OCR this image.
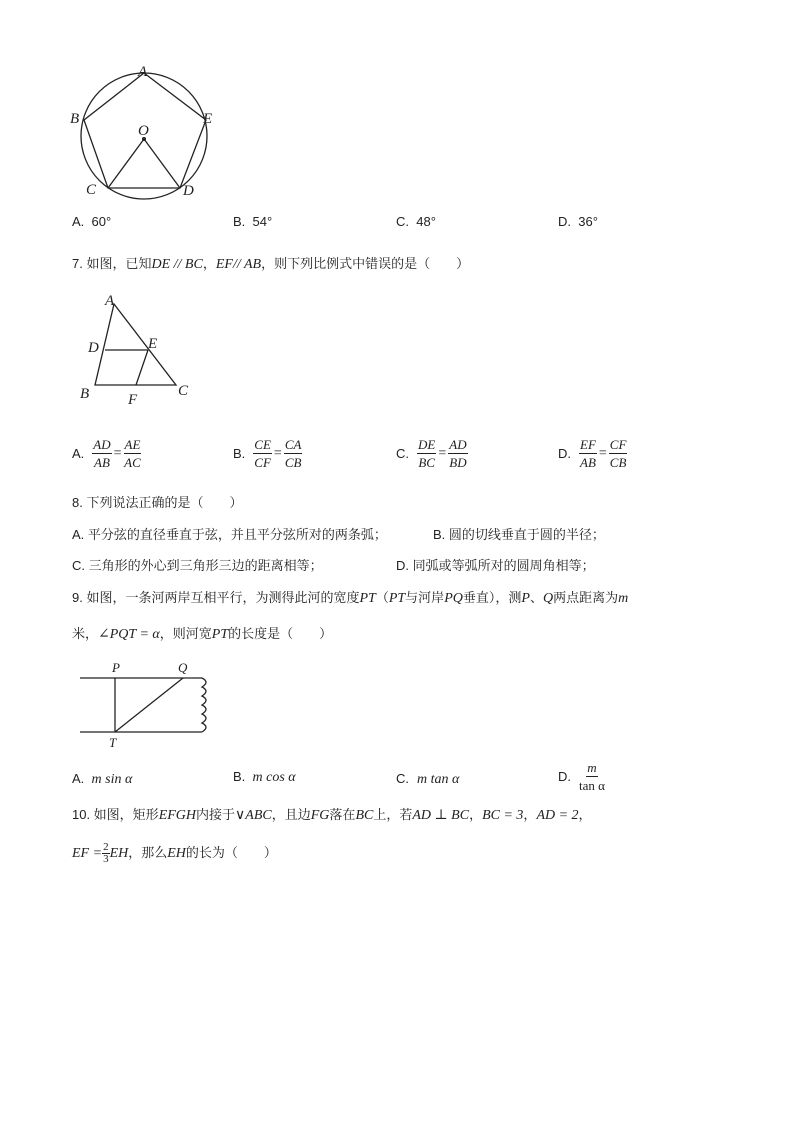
A
B	E
O
C	D
A. 60°	B. 54°	C. 48°	D. 36°
7. 如图，已知DE // BC，EF// AB，则下列比例式中错误的是（　　）
A
D	E
B	F
C
A. $\frac{AD}{AB} = \frac{AE}{AC}$	B. $\frac{CE}{CF} = \frac{CA}{CB}$	C. $\frac{DE}{BC} = \frac{AD}{BD}$	D. $\frac{EF}{AB} = \frac{CF}{CB}$
8. 下列说法正确的是（　　）
A. 平分弦的直径垂直于弦，并且平分弦所对的两条弧；	B. 圆的切线垂直于圆的半径；
C. 三角形的外心到三角形三边的距离相等；	D. 同弧或等弧所对的圆周角相等；
9. 如图，一条河两岸互相平行，为测得此河的宽度PT（PT与河岸PQ垂直），测P、Q两点距离为m
米，∠PQT = α，则河宽PT的长度是（　　）
P	Q
T
A. m sin α	B. m cos α	C. m tan α	D. $\frac{m}{\text{tan α}}$
10. 如图，矩形EFGH内接于∨ABC，且边FG落在BC上，若AD ⊥ BC，BC = 3，AD = 2，
EF = $\frac{2}{3}$ EH，那么EH的长为（　　）
